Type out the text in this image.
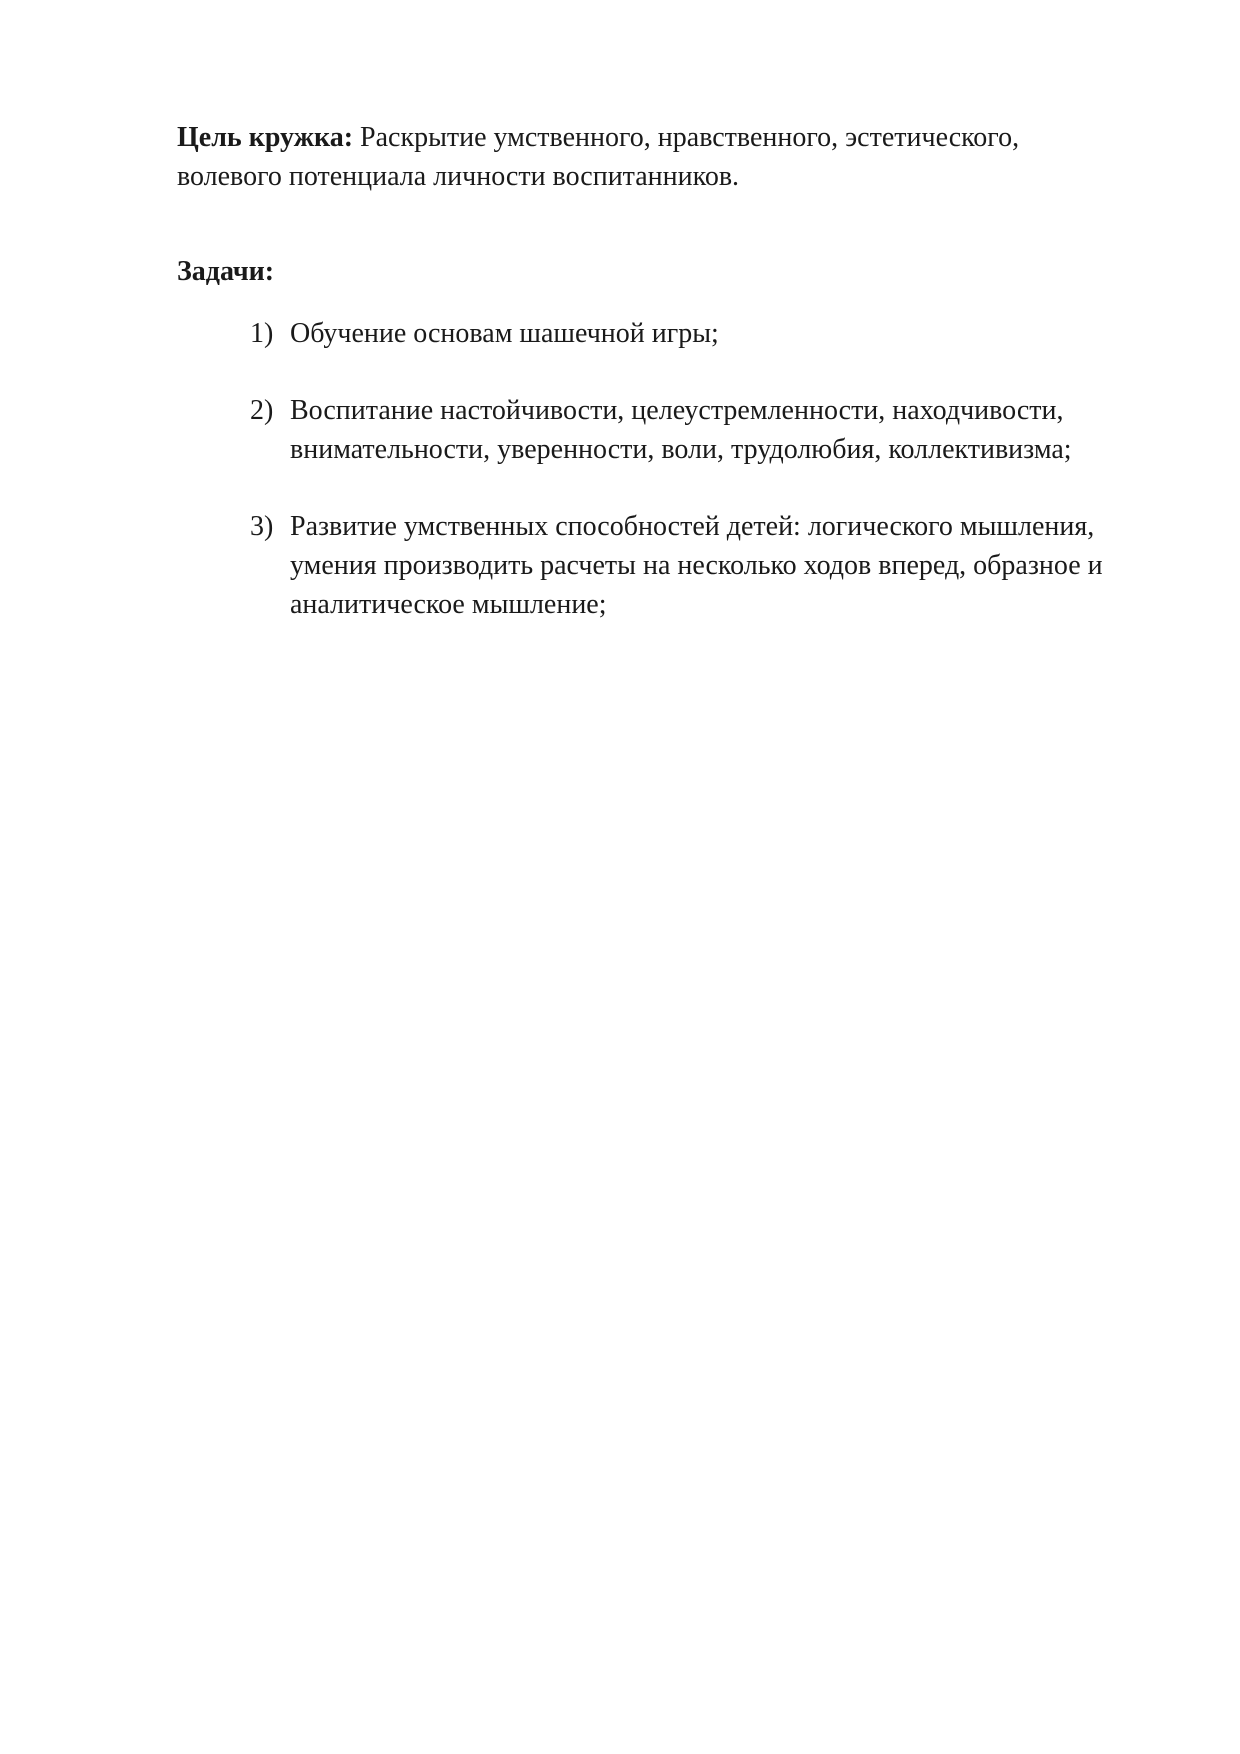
Цель кружка: Раскрытие умственного, нравственного, эстетического, волевого потенциала личности воспитанников.

Задачи:

1) Обучение основам шашечной игры;
2) Воспитание настойчивости, целеустремленности, находчивости, внимательности, уверенности, воли, трудолюбия, коллективизма;
3) Развитие умственных способностей детей: логического мышления, умения производить расчеты на несколько ходов вперед, образное и аналитическое мышление;
